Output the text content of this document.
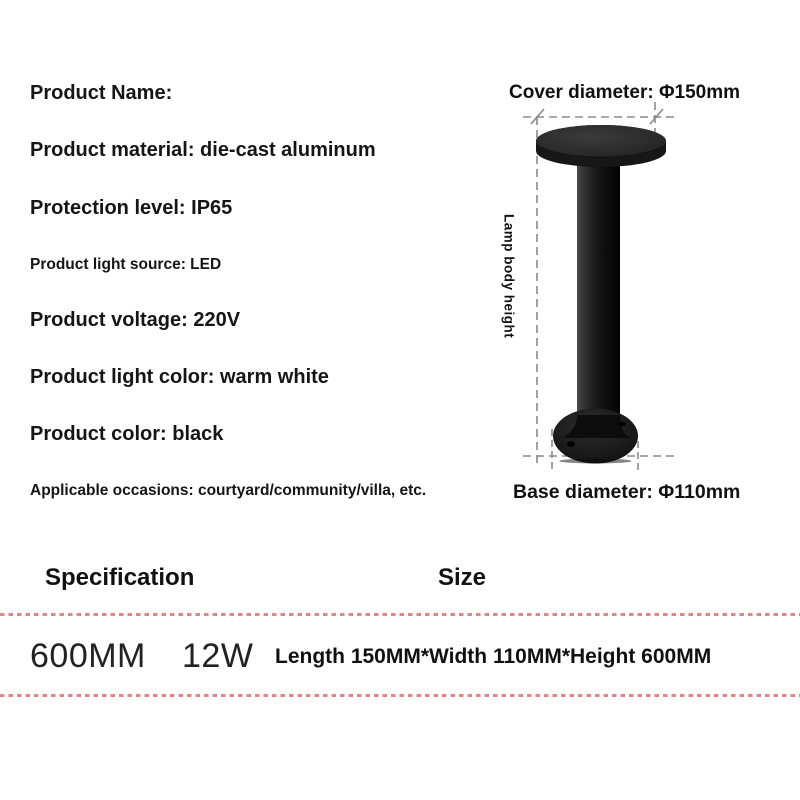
Product Name:
Product material: die-cast aluminum
Protection level: IP65
Product light source: LED
Product voltage: 220V
Product light color: warm white
Product color: black
Applicable occasions: courtyard/community/villa, etc.
Cover diameter: Φ150mm
Lamp body height
Base diameter: Φ110mm
Specification	Size
600MM 12W Length 150MM*Width 110MM*Height 600MM
